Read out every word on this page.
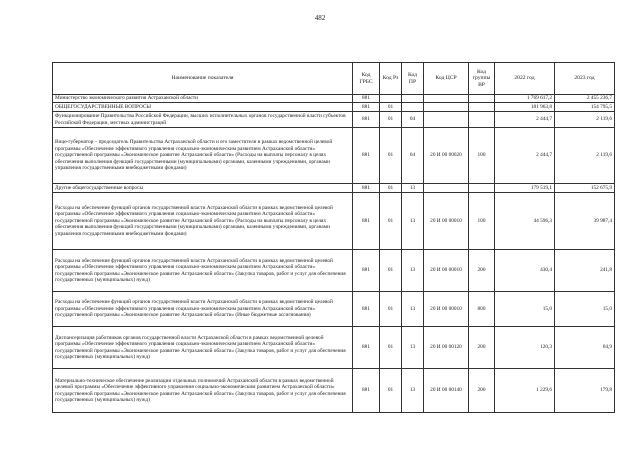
482
Наименование показателя	Код ГРБС	Код Рз	Код ПР	Код ЦСР	Код группы ВР	2022 год	2023 год
Министерство экономического развития Астраханской области	881					1 769 617,2	2 455 236,7
ОБЩЕГОСУДАРСТВЕННЫЕ ВОПРОСЫ	881	01				181 963,8	154 795,5
Функционирование Правительства Российской Федерации, высших исполнительных органов государственной власти субъектов Российской Федерации, местных администраций	881	01	04			2 444,7	2 119,6
Вице-губернатор – председатель Правительства Астраханской области и его заместители в рамках ведомственной целевой программы «Обеспечение эффективного управления социально-экономическим развитием Астраханской области» государственной программы «Экономическое развитие Астраханской области» (Расходы на выплаты персоналу в целях обеспечения выполнения функций государственными (муниципальными) органами, казенными учреждениями, органами управления государственными внебюджетными фондами)	881	01	04	20 И 00 00020	100	2 444,7	2 119,6
Другие общегосударственные вопросы	881	01	13			179 519,1	152 675,9
Расходы на обеспечение функций органов государственной власти Астраханской области в рамках ведомственной целевой программы «Обеспечение эффективного управления социально-экономическим развитием Астраханской области» государственной программы «Экономическое развитие Астраханской области» (Расходы на выплаты персоналу в целях обеспечения выполнения функций государственными (муниципальными) органами, казенными учреждениями, органами управления государственными внебюджетными фондами)	881	01	13	20 И 00 00010	100	44 596,3	39 987,4
Расходы на обеспечение функций органов государственной власти Астраханской области в рамках ведомственной целевой программы «Обеспечение эффективного управления социально-экономическим развитием Астраханской области» государственной программы «Экономическое развитие Астраханской области» (Закупка товаров, работ и услуг для обеспечения государственных (муниципальных) нужд)	881	01	13	20 И 00 00010	200	430,4	241,8
Расходы на обеспечение функций органов государственной власти Астраханской области в рамках ведомственной целевой программы «Обеспечение эффективного управления социально-экономическим развитием Астраханской области» государственной программы «Экономическое развитие Астраханской области» (Иные бюджетные ассигнования)	881	01	13	20 И 00 00010	800	15,0	15,0
Диспансеризация работников органов государственной власти Астраханской области в рамках ведомственной целевой программы «Обеспечение эффективного управления социально-экономическим развитием Астраханской области» государственной программы «Экономическое развитие Астраханской области» (Закупка товаров, работ и услуг для обеспечения государственных (муниципальных) нужд)	881	01	13	20 И 00 00120	200	120,3	64,9
Материально-техническое обеспечение реализации отдельных полномочий Астраханской области в рамках ведомственной целевой программы «Обеспечение эффективного управления социально-экономическим развитием Астраханской области» государственной программы «Экономическое развитие Астраханской области» (Закупка товаров, работ и услуг для обеспечения государственных (муниципальных) нужд)	881	01	13	20 И 00 00140	200	1 229,6	179,8
